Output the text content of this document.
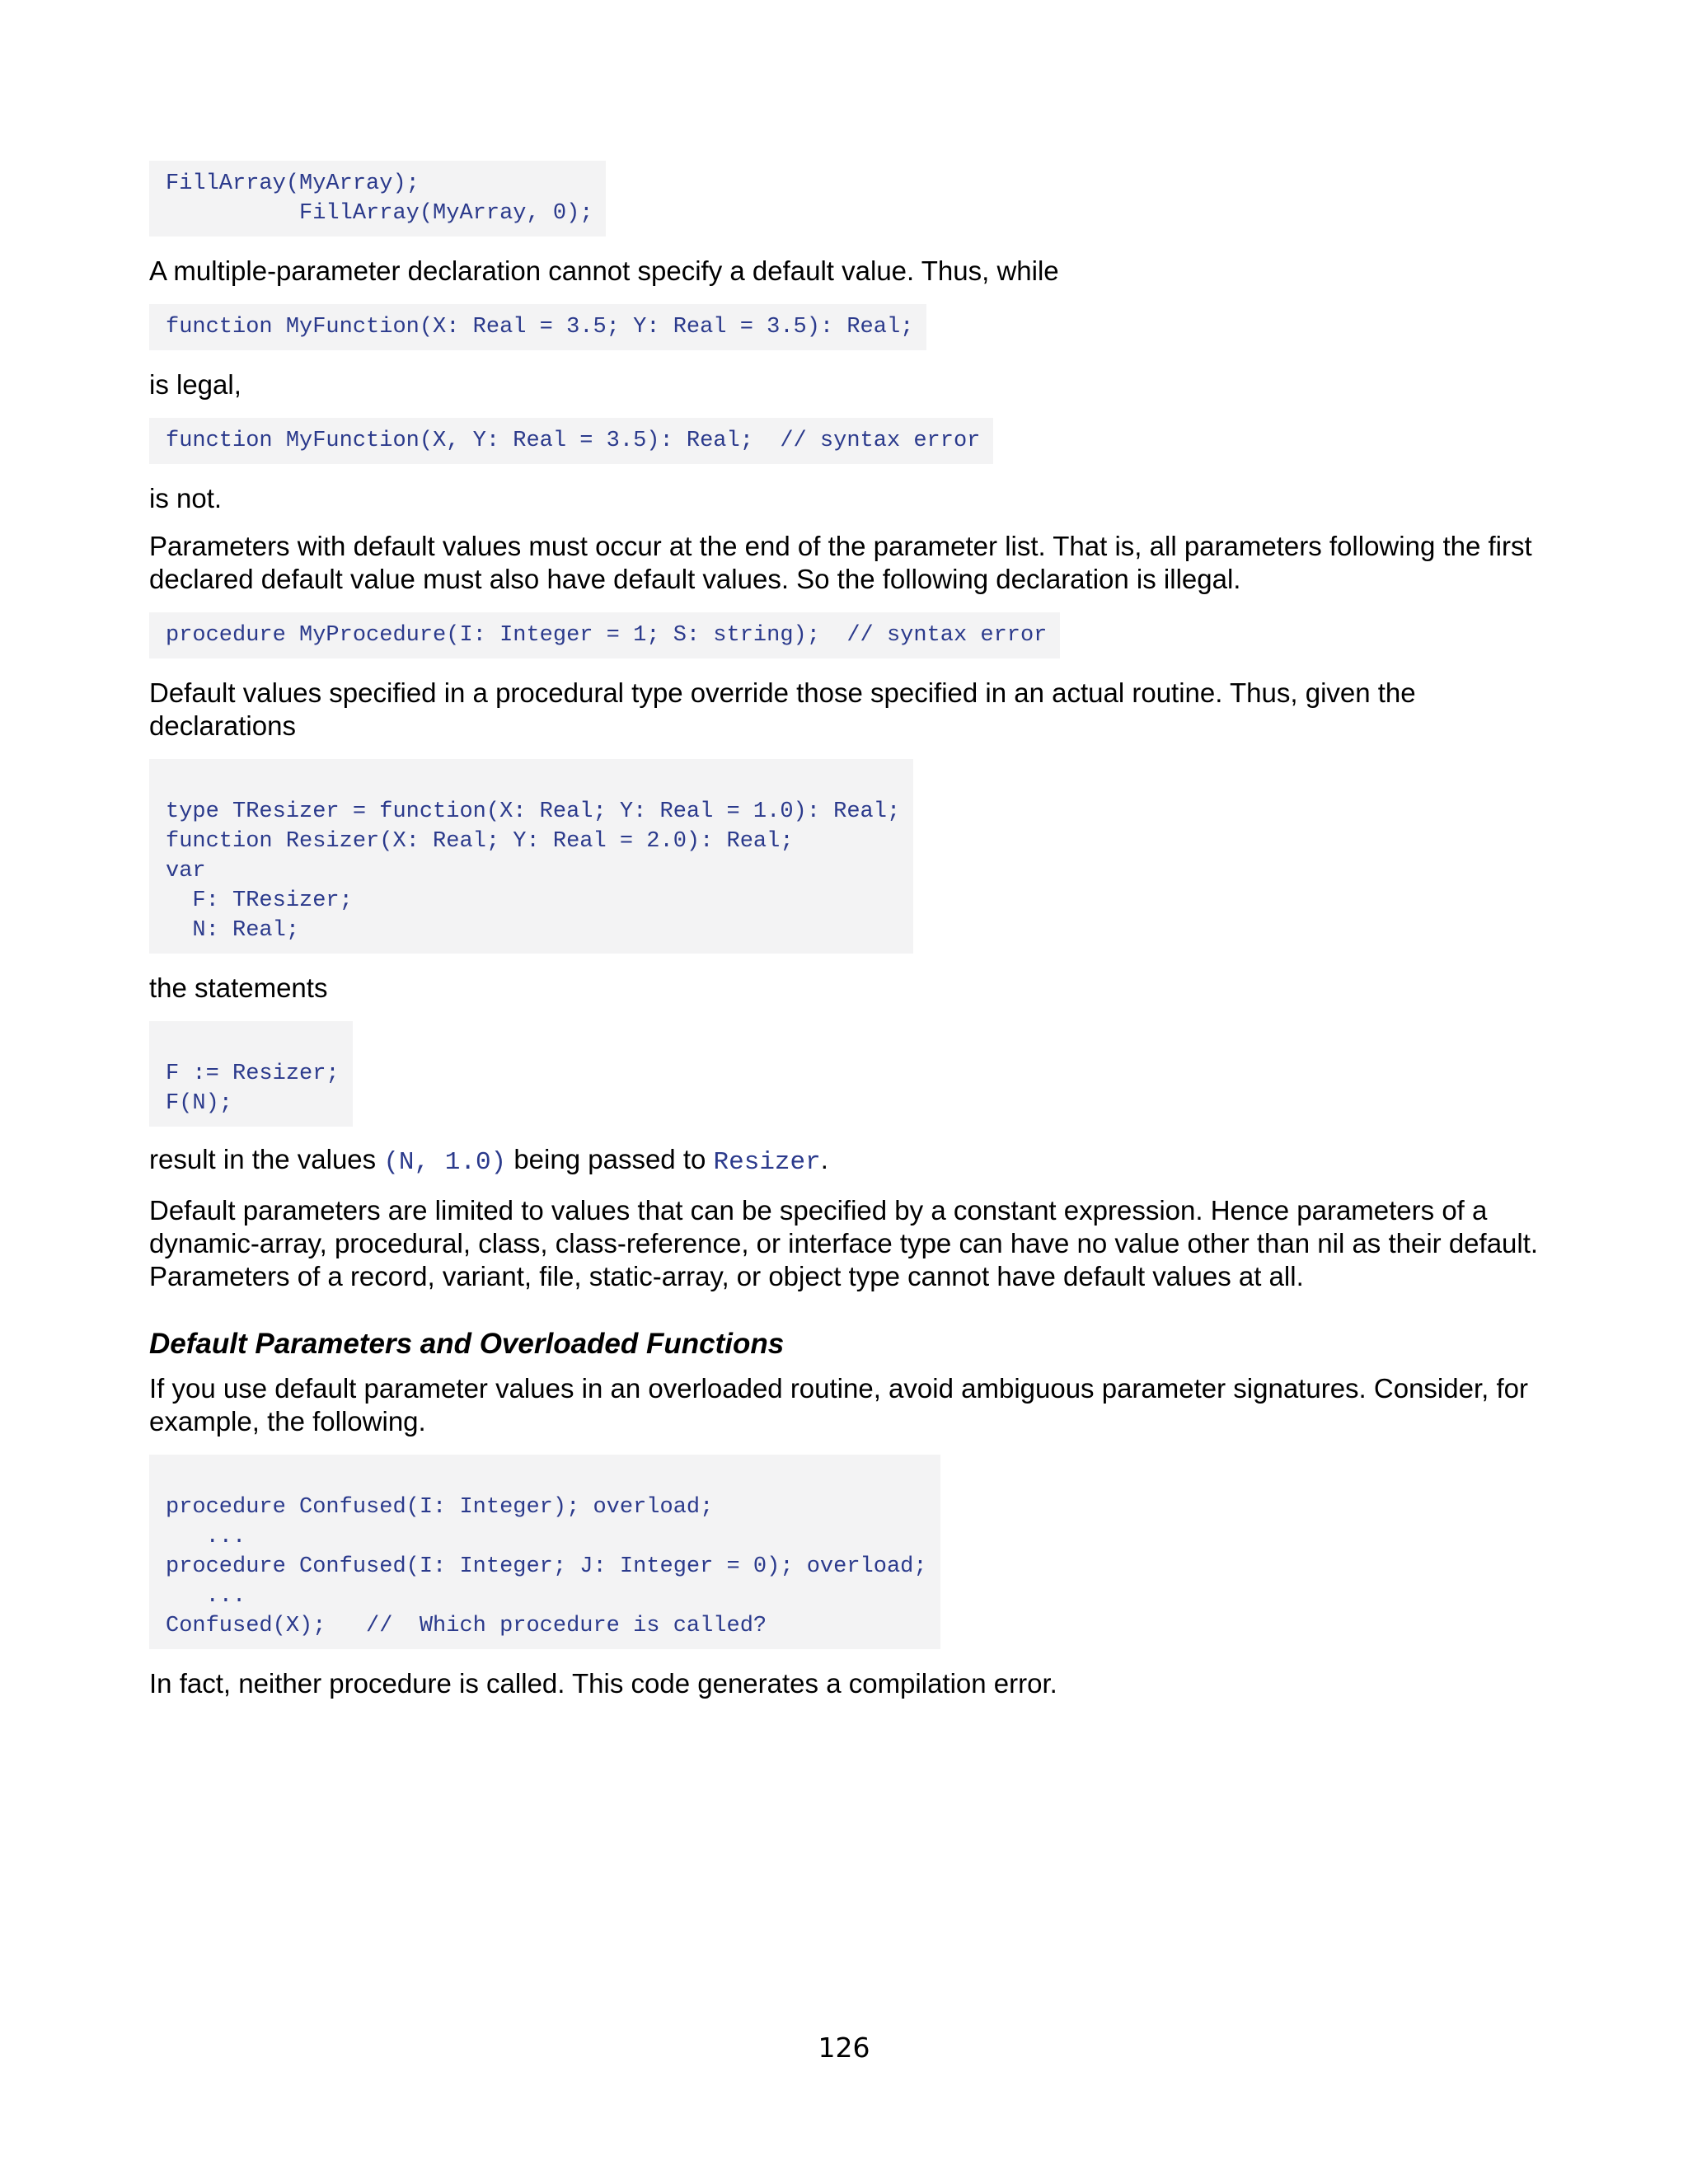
FillArray(MyArray);
FillArray(MyArray, 0);

A multiple-parameter declaration cannot specify a default value. Thus, while

function MyFunction(X: Real = 3.5; Y: Real = 3.5): Real;

is legal,

function MyFunction(X, Y: Real = 3.5): Real;  // syntax error

is not.

Parameters with default values must occur at the end of the parameter list. That is, all parameters following the first declared default value must also have default values. So the following declaration is illegal.

procedure MyProcedure(I: Integer = 1; S: string);  // syntax error

Default values specified in a procedural type override those specified in an actual routine. Thus, given the declarations

type TResizer = function(X: Real; Y: Real = 1.0): Real;
function Resizer(X: Real; Y: Real = 2.0): Real;
var
F: TResizer;
N: Real;

the statements

F := Resizer;
F(N);

result in the values (N, 1.0) being passed to Resizer.

Default parameters are limited to values that can be specified by a constant expression. Hence parameters of a dynamic-array, procedural, class, class-reference, or interface type can have no value other than nil as their default. Parameters of a record, variant, file, static-array, or object type cannot have default values at all.

Default Parameters and Overloaded Functions

If you use default parameter values in an overloaded routine, avoid ambiguous parameter signatures. Consider, for example, the following.

procedure Confused(I: Integer); overload;
...
procedure Confused(I: Integer; J: Integer = 0); overload;
...
Confused(X);   //  Which procedure is called?

In fact, neither procedure is called. This code generates a compilation error.

126
